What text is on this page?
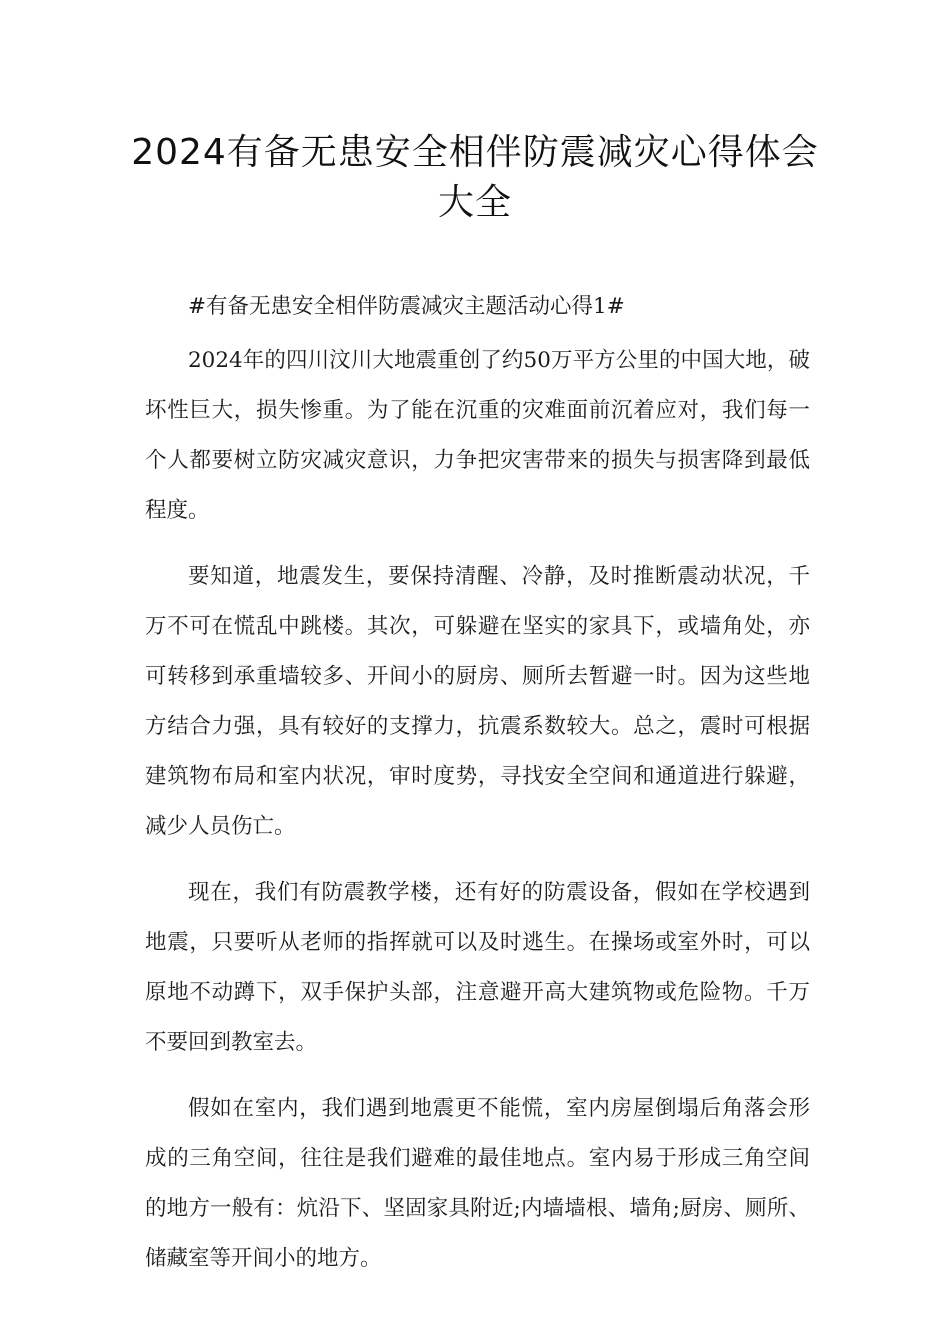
2024有备无患安全相伴防震减灾心得体会大全

#有备无患安全相伴防震减灾主题活动心得1#

2024年的四川汶川大地震重创了约50万平方公里的中国大地，破坏性巨大，损失惨重。为了能在沉重的灾难面前沉着应对，我们每一个人都要树立防灾减灾意识，力争把灾害带来的损失与损害降到最低程度。

要知道，地震发生，要保持清醒、冷静，及时推断震动状况，千万不可在慌乱中跳楼。其次，可躲避在坚实的家具下，或墙角处，亦可转移到承重墙较多、开间小的厨房、厕所去暂避一时。因为这些地方结合力强，具有较好的支撑力，抗震系数较大。总之，震时可根据建筑物布局和室内状况，审时度势，寻找安全空间和通道进行躲避，减少人员伤亡。

现在，我们有防震教学楼，还有好的防震设备，假如在学校遇到地震，只要听从老师的指挥就可以及时逃生。在操场或室外时，可以原地不动蹲下，双手保护头部，注意避开高大建筑物或危险物。千万不要回到教室去。

假如在室内，我们遇到地震更不能慌，室内房屋倒塌后角落会形成的三角空间，往往是我们避难的最佳地点。室内易于形成三角空间的地方一般有：炕沿下、坚固家具附近;内墙墙根、墙角;厨房、厕所、储藏室等开间小的地方。
